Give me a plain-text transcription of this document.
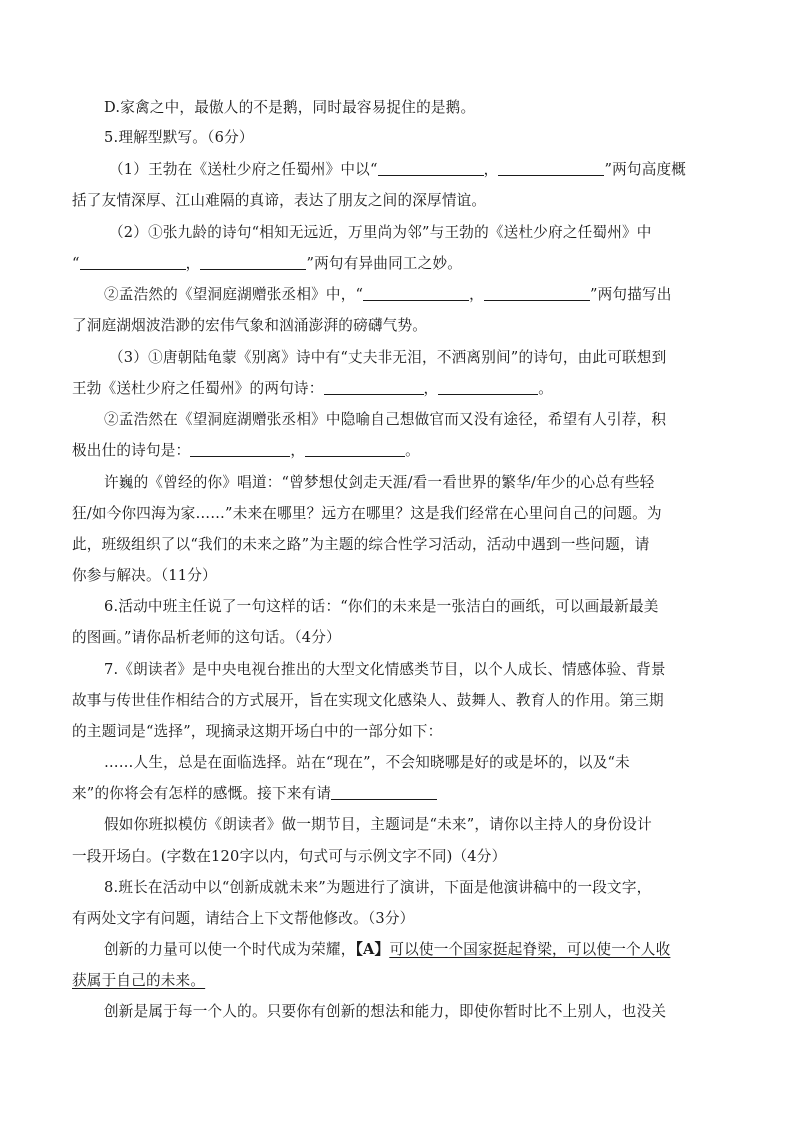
D.家禽之中，最傲人的不是鹅，同时最容易捉住的是鹅。
5.理解型默写。（6分）
（1）王勃在《送杜少府之任蜀州》中以“	，	”两句高度概
括了友情深厚、江山难隔的真谛，表达了朋友之间的深厚情谊。
（2）①张九龄的诗句“相知无远近，万里尚为邻”与王勃的《送杜少府之任蜀州》中
“	，	”两句有异曲同工之妙。
②孟浩然的《望洞庭湖赠张丞相》中，“	，	”两句描写出
了洞庭湖烟波浩渺的宏伟气象和汹涌澎湃的磅礴气势。
（3）①唐朝陆龟蒙《别离》诗中有“丈夫非无泪，不洒离别间”的诗句，由此可联想到
王勃《送杜少府之任蜀州》的两句诗：	，	。
②孟浩然在《望洞庭湖赠张丞相》中隐喻自己想做官而又没有途径，希望有人引荐，积
极出仕的诗句是：	，	。
许巍的《曾经的你》唱道：“曾梦想仗剑走天涯/看一看世界的繁华/年少的心总有些轻
狂/如今你四海为家……”未来在哪里？远方在哪里？这是我们经常在心里问自己的问题。为
此，班级组织了以“我们的未来之路”为主题的综合性学习活动，活动中遇到一些问题，请
你参与解决。（11分）
6.活动中班主任说了一句这样的话：“你们的未来是一张洁白的画纸，可以画最新最美
的图画。”请你品析老师的这句话。（4分）
7.《朗读者》是中央电视台推出的大型文化情感类节目，以个人成长、情感体验、背景
故事与传世佳作相结合的方式展开，旨在实现文化感染人、鼓舞人、教育人的作用。第三期
的主题词是“选择”，现摘录这期开场白中的一部分如下：
……人生，总是在面临选择。站在“现在”，不会知晓哪是好的或是坏的，以及“未
来”的你将会有怎样的感慨。接下来有请
假如你班拟模仿《朗读者》做一期节目，主题词是“未来”，请你以主持人的身份设计
一段开场白。(字数在120字以内，句式可与示例文字不同)（4分）
8.班长在活动中以“创新成就未来”为题进行了演讲，下面是他演讲稿中的一段文字，
有两处文字有问题，请结合上下文帮他修改。（3分）
创新的力量可以使一个时代成为荣耀，【A】可以使一个国家挺起脊梁，可以使一个人收
获属于自己的未来。
创新是属于每一个人的。只要你有创新的想法和能力，即使你暂时比不上别人，也没关
